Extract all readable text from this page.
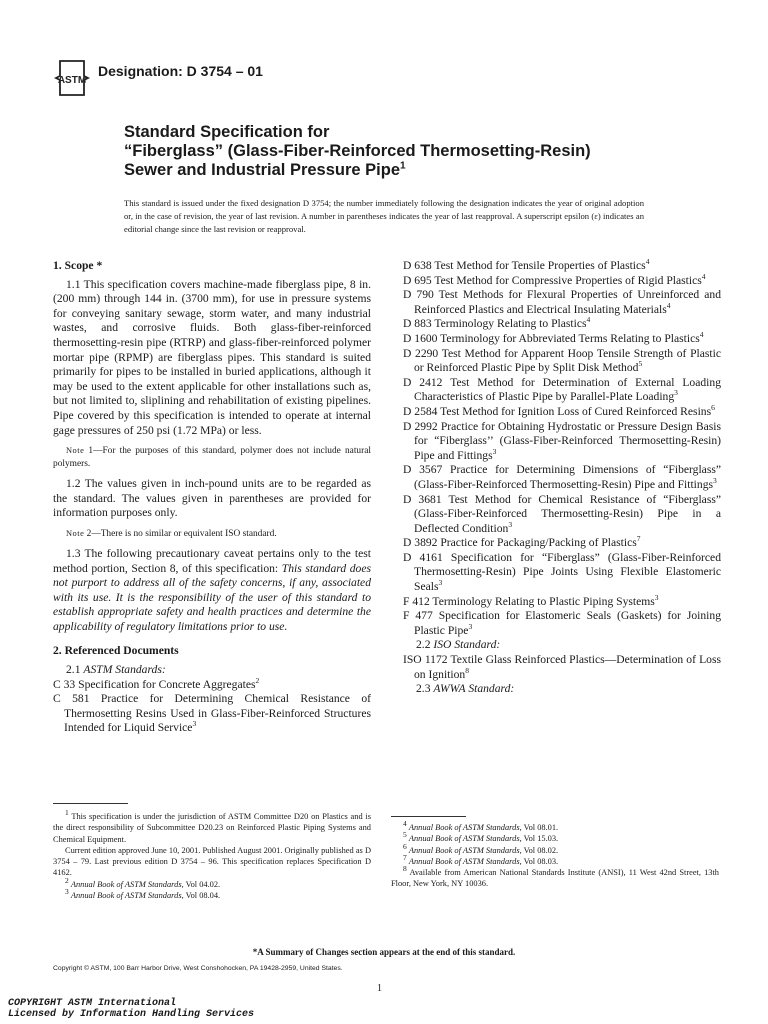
ASTM
Designation: D 3754 – 01
Standard Specification for
“Fiberglass” (Glass-Fiber-Reinforced Thermosetting-Resin)
Sewer and Industrial Pressure Pipe$^1$
This standard is issued under the fixed designation D 3754; the number immediately following the designation indicates the year of original adoption or, in the case of revision, the year of last revision. A number in parentheses indicates the year of last reapproval. A superscript epsilon (ε) indicates an editorial change since the last revision or reapproval.

1. Scope *

1.1 This specification covers machine-made fiberglass pipe, 8 in. (200 mm) through 144 in. (3700 mm), for use in pressure systems for conveying sanitary sewage, storm water, and many industrial wastes, and corrosive fluids. Both glass-fiber-reinforced thermosetting-resin pipe (RTRP) and glass-fiber-reinforced polymer mortar pipe (RPMP) are fiberglass pipes. This standard is suited primarily for pipes to be installed in buried applications, although it may be used to the extent applicable for other installations such as, but not limited to, sliplining and rehabilitation of existing pipelines. Pipe covered by this specification is intended to operate at internal gage pressures of 250 psi (1.72 MPa) or less.

Note 1—For the purposes of this standard, polymer does not include natural polymers.

1.2 The values given in inch-pound units are to be regarded as the standard. The values given in parentheses are provided for information purposes only.

Note 2—There is no similar or equivalent ISO standard.

1.3 The following precautionary caveat pertains only to the test method portion, Section 8, of this specification: This standard does not purport to address all of the safety concerns, if any, associated with its use. It is the responsibility of the user of this standard to establish appropriate safety and health practices and determine the applicability of regulatory limitations prior to use.

2. Referenced Documents

2.1 ASTM Standards:

C 33 Specification for Concrete Aggregates$^2$

C 581 Practice for Determining Chemical Resistance of Thermosetting Resins Used in Glass-Fiber-Reinforced Structures Intended for Liquid Service$^3$

D 638 Test Method for Tensile Properties of Plastics$^4$

D 695 Test Method for Compressive Properties of Rigid Plastics$^4$

D 790 Test Methods for Flexural Properties of Unreinforced and Reinforced Plastics and Electrical Insulating Materials$^4$

D 883 Terminology Relating to Plastics$^4$

D 1600 Terminology for Abbreviated Terms Relating to Plastics$^4$

D 2290 Test Method for Apparent Hoop Tensile Strength of Plastic or Reinforced Plastic Pipe by Split Disk Method$^5$

D 2412 Test Method for Determination of External Loading Characteristics of Plastic Pipe by Parallel-Plate Loading$^3$

D 2584 Test Method for Ignition Loss of Cured Reinforced Resins$^6$

D 2992 Practice for Obtaining Hydrostatic or Pressure Design Basis for “Fiberglass’’ (Glass-Fiber-Reinforced Thermosetting-Resin) Pipe and Fittings$^3$

D 3567 Practice for Determining Dimensions of “Fiberglass” (Glass-Fiber-Reinforced Thermosetting-Resin) Pipe and Fittings$^3$

D 3681 Test Method for Chemical Resistance of “Fiberglass” (Glass-Fiber-Reinforced Thermosetting-Resin) Pipe in a Deflected Condition$^3$

D 3892 Practice for Packaging/Packing of Plastics$^7$

D 4161 Specification for “Fiberglass” (Glass-Fiber-Reinforced Thermosetting-Resin) Pipe Joints Using Flexible Elastomeric Seals$^3$

F 412 Terminology Relating to Plastic Piping Systems$^3$

F 477 Specification for Elastomeric Seals (Gaskets) for Joining Plastic Pipe$^3$

2.2 ISO Standard:

ISO 1172 Textile Glass Reinforced Plastics—Determination of Loss on Ignition$^8$

2.3 AWWA Standard:

$^1$ This specification is under the jurisdiction of ASTM Committee D20 on Plastics and is the direct responsibility of Subcommittee D20.23 on Reinforced Plastic Piping Systems and Chemical Equipment.

Current edition approved June 10, 2001. Published August 2001. Originally published as D 3754 – 79. Last previous edition D 3754 – 96. This specification replaces Specification D 4162.

$^2$ Annual Book of ASTM Standards, Vol 04.02.

$^3$ Annual Book of ASTM Standards, Vol 08.04.

$^4$ Annual Book of ASTM Standards, Vol 08.01.

$^5$ Annual Book of ASTM Standards, Vol 15.03.

$^6$ Annual Book of ASTM Standards, Vol 08.02.

$^7$ Annual Book of ASTM Standards, Vol 08.03.

$^8$ Available from American National Standards Institute (ANSI), 11 West 42nd Street, 13th Floor, New York, NY 10036.

*A Summary of Changes section appears at the end of this standard.
Copyright © ASTM, 100 Barr Harbor Drive, West Conshohocken, PA 19428-2959, United States.
1
COPYRIGHT ASTM International
Licensed by Information Handling Services
